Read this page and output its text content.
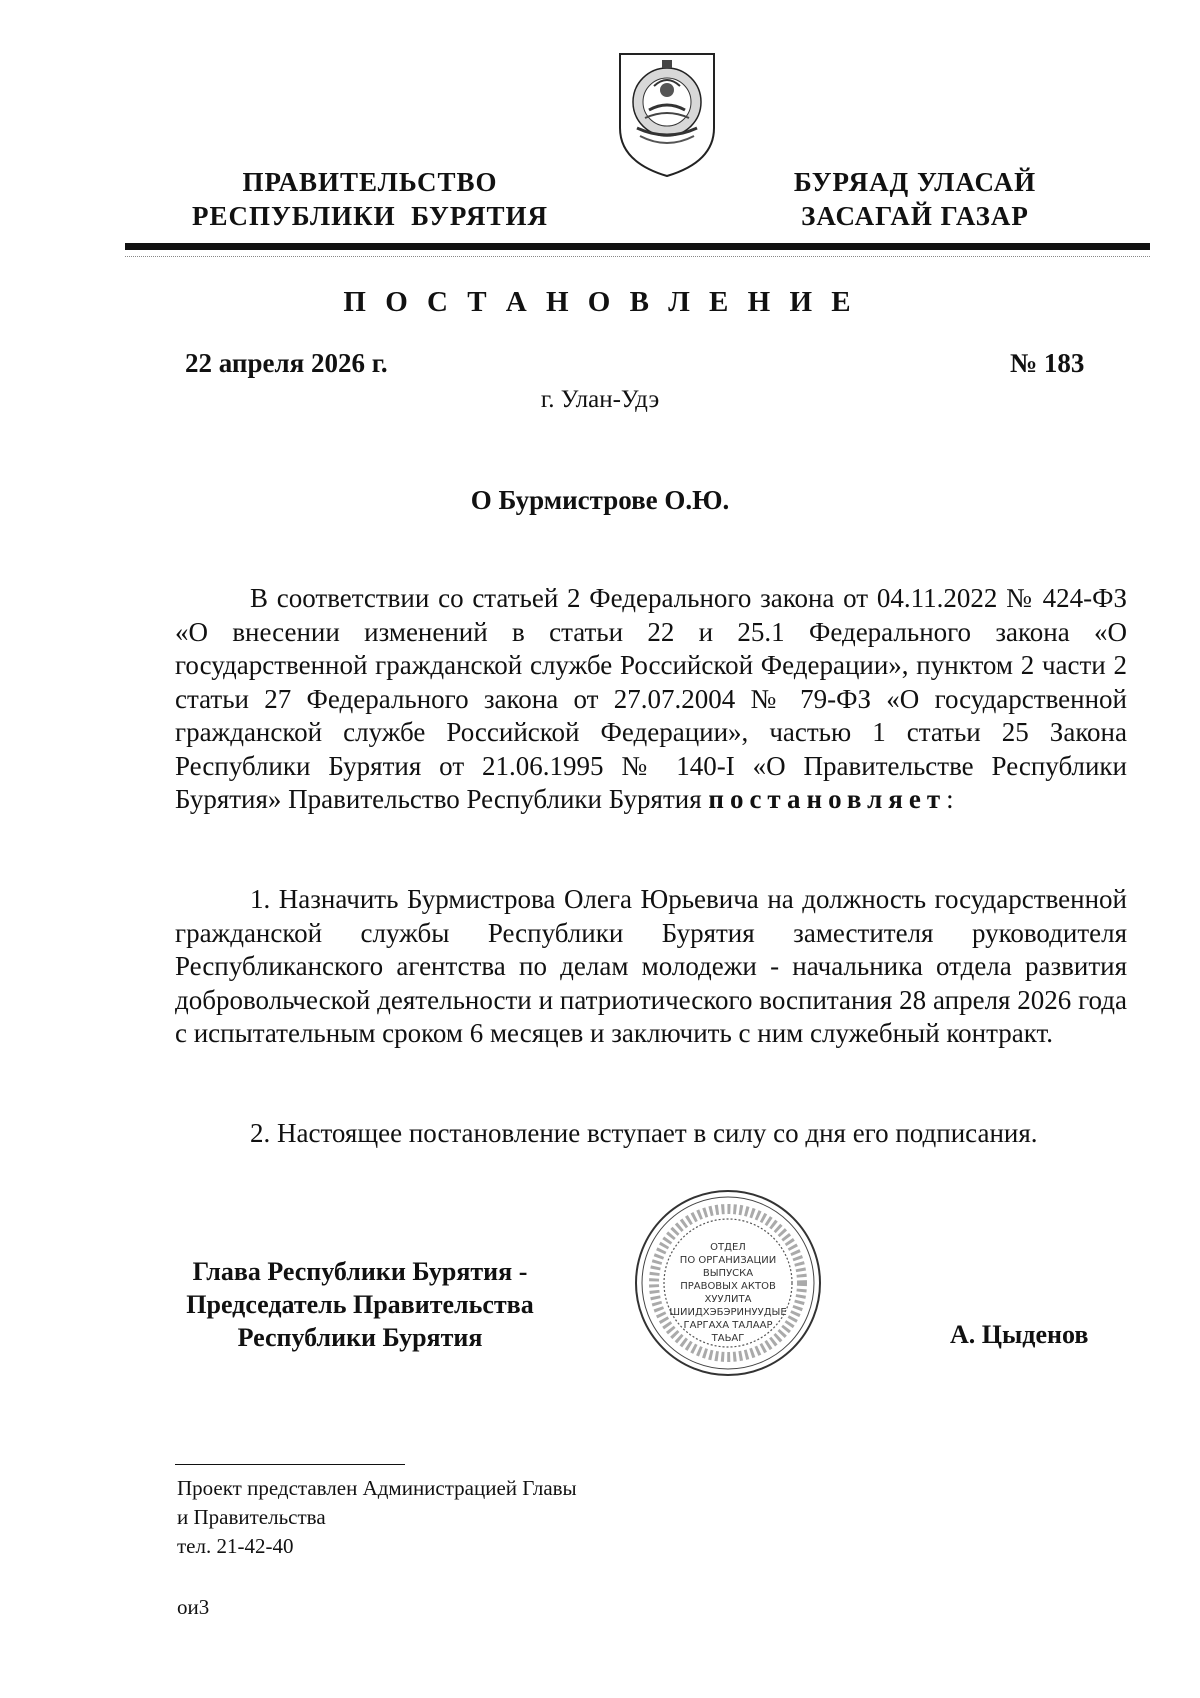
ПРАВИТЕЛЬСТВО
РЕСПУБЛИКИ  БУРЯТИЯ
БУРЯАД УЛАСАЙ
ЗАСАГАЙ ГАЗАР
П О С Т А Н О В Л Е Н И Е
22 апреля 2026 г.	№ 183
г. Улан-Удэ
О Бурмистрове О.Ю.
В соответствии со статьей 2 Федерального закона от 04.11.2022 № 424-ФЗ «О внесении изменений в статьи 22 и 25.1 Федерального закона «О государственной гражданской службе Российской Федерации», пунктом 2 части 2 статьи 27 Федерального закона от 27.07.2004 № 79-ФЗ «О государственной гражданской службе Российской Федерации», частью 1 статьи 25 Закона Республики Бурятия от 21.06.1995 № 140-I «О Правительстве Республики Бурятия» Правительство Республики Бурятия постановляет:
1. Назначить Бурмистрова Олега Юрьевича на должность государственной гражданской службы Республики Бурятия заместителя руководителя Республиканского агентства по делам молодежи - начальника отдела развития добровольческой деятельности и патриотического воспитания 28 апреля 2026 года с испытательным сроком 6 месяцев и заключить с ним служебный контракт.
2. Настоящее постановление вступает в силу со дня его подписания.
Глава Республики Бурятия -
Председатель Правительства
Республики Бурятия
ОТДЕЛ
ПО ОРГАНИЗАЦИИ
ВЫПУСКА
ПРАВОВЫХ АКТОВ
ХУУЛИТА
ШИИДХЭБЭРИНУУДЫЕ
ГАРГАХА ТАЛААР
ТАЬАГ	А. Цыденов
Проект представлен Администрацией Главы
и Правительства
тел. 21-42-40
ои3
